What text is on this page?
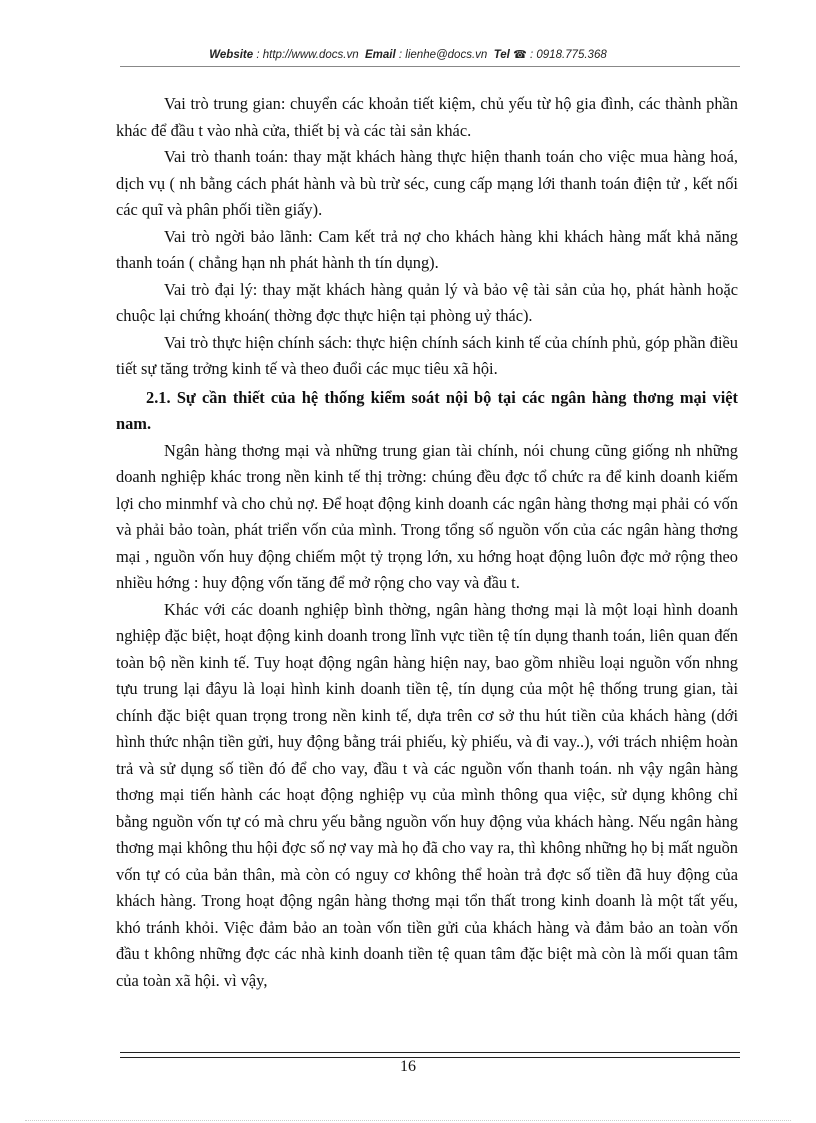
Website : http://www.docs.vn Email : lienhe@docs.vn Tel ☎ : 0918.775.368

Vai trò trung gian: chuyển các khoản tiết kiệm, chủ yếu từ hộ gia đình, các thành phần khác để đầu t vào nhà cửa, thiết bị và các tài sản khác.

Vai trò thanh toán: thay mặt khách hàng thực hiện thanh toán cho việc mua hàng hoá, dịch vụ ( nh bằng cách phát hành và bù trừ séc, cung cấp mạng lới thanh toán điện tử , kết nối các quĩ và phân phối tiền giấy).

Vai trò ngời bảo lãnh: Cam kết trả nợ cho khách hàng khi khách hàng mất khả năng thanh toán ( chẳng hạn nh phát hành th tín dụng).

Vai trò đại lý: thay mặt khách hàng quản lý và bảo vệ tài sản của họ, phát hành hoặc chuộc lại chứng khoán( thờng đợc thực hiện tại phòng uỷ thác).

Vai trò thực hiện chính sách: thực hiện chính sách kinh tế của chính phủ, góp phần điều tiết sự tăng trởng kinh tế và theo đuổi các mục tiêu xã hội.

2.1. Sự cần thiết của hệ thống kiểm soát nội bộ tại các ngân hàng thơng mại việt nam.

Ngân hàng thơng mại và những trung gian tài chính, nói chung cũng giống nh những doanh nghiệp khác trong nền kinh tế thị trờng: chúng đều đợc tổ chức ra để kinh doanh kiếm lợi cho minmhf và cho chủ nợ. Để hoạt động kinh doanh các ngân hàng thơng mại phải có vốn và phải bảo toàn, phát triển vốn của mình. Trong tổng số nguồn vốn của các ngân hàng thơng mại , nguồn vốn huy động chiếm một tỷ trọng lớn, xu hớng hoạt động luôn đợc mở rộng theo nhiều hớng : huy động vốn tăng để mở rộng cho vay và đầu t.

Khác với các doanh nghiệp bình thờng, ngân hàng thơng mại là một loại hình doanh nghiệp đặc biệt, hoạt động kinh doanh trong lĩnh vực tiền tệ tín dụng thanh toán, liên quan đến toàn bộ nền kinh tế. Tuy hoạt động ngân hàng hiện nay, bao gồm nhiều loại nguồn vốn nhng tựu trung lại đâyu là loại hình kinh doanh tiền tệ, tín dụng của một hệ thống trung gian, tài chính đặc biệt quan trọng trong nền kinh tế, dựa trên cơ sở thu hút tiền của khách hàng (dới hình thức nhận tiền gửi, huy động bằng trái phiếu, kỳ phiếu, và đi vay..), với trách nhiệm hoàn trả và sử dụng số tiền đó để cho vay, đầu t và các nguồn vốn thanh toán. nh vậy ngân hàng thơng mại tiến hành các hoạt động nghiệp vụ của mình thông qua việc, sử dụng không chỉ bằng nguồn vốn tự có mà chru yếu bằng nguồn vốn huy động vủa khách hàng. Nếu ngân hàng thơng mại không thu hội đợc số nợ vay mà họ đã cho vay ra, thì không những họ bị mất nguồn vốn tự có của bản thân, mà còn có nguy cơ không thể hoàn trả đợc số tiền đã huy động của khách hàng. Trong hoạt động ngân hàng thơng mại tổn thất trong kinh doanh là một tất yếu, khó tránh khỏi. Việc đảm bảo an toàn vốn tiền gửi của khách hàng và đảm bảo an toàn vốn đầu t không những đợc các nhà kinh doanh tiền tệ quan tâm đặc biệt mà còn là mối quan tâm của toàn xã hội. vì vậy,

16
